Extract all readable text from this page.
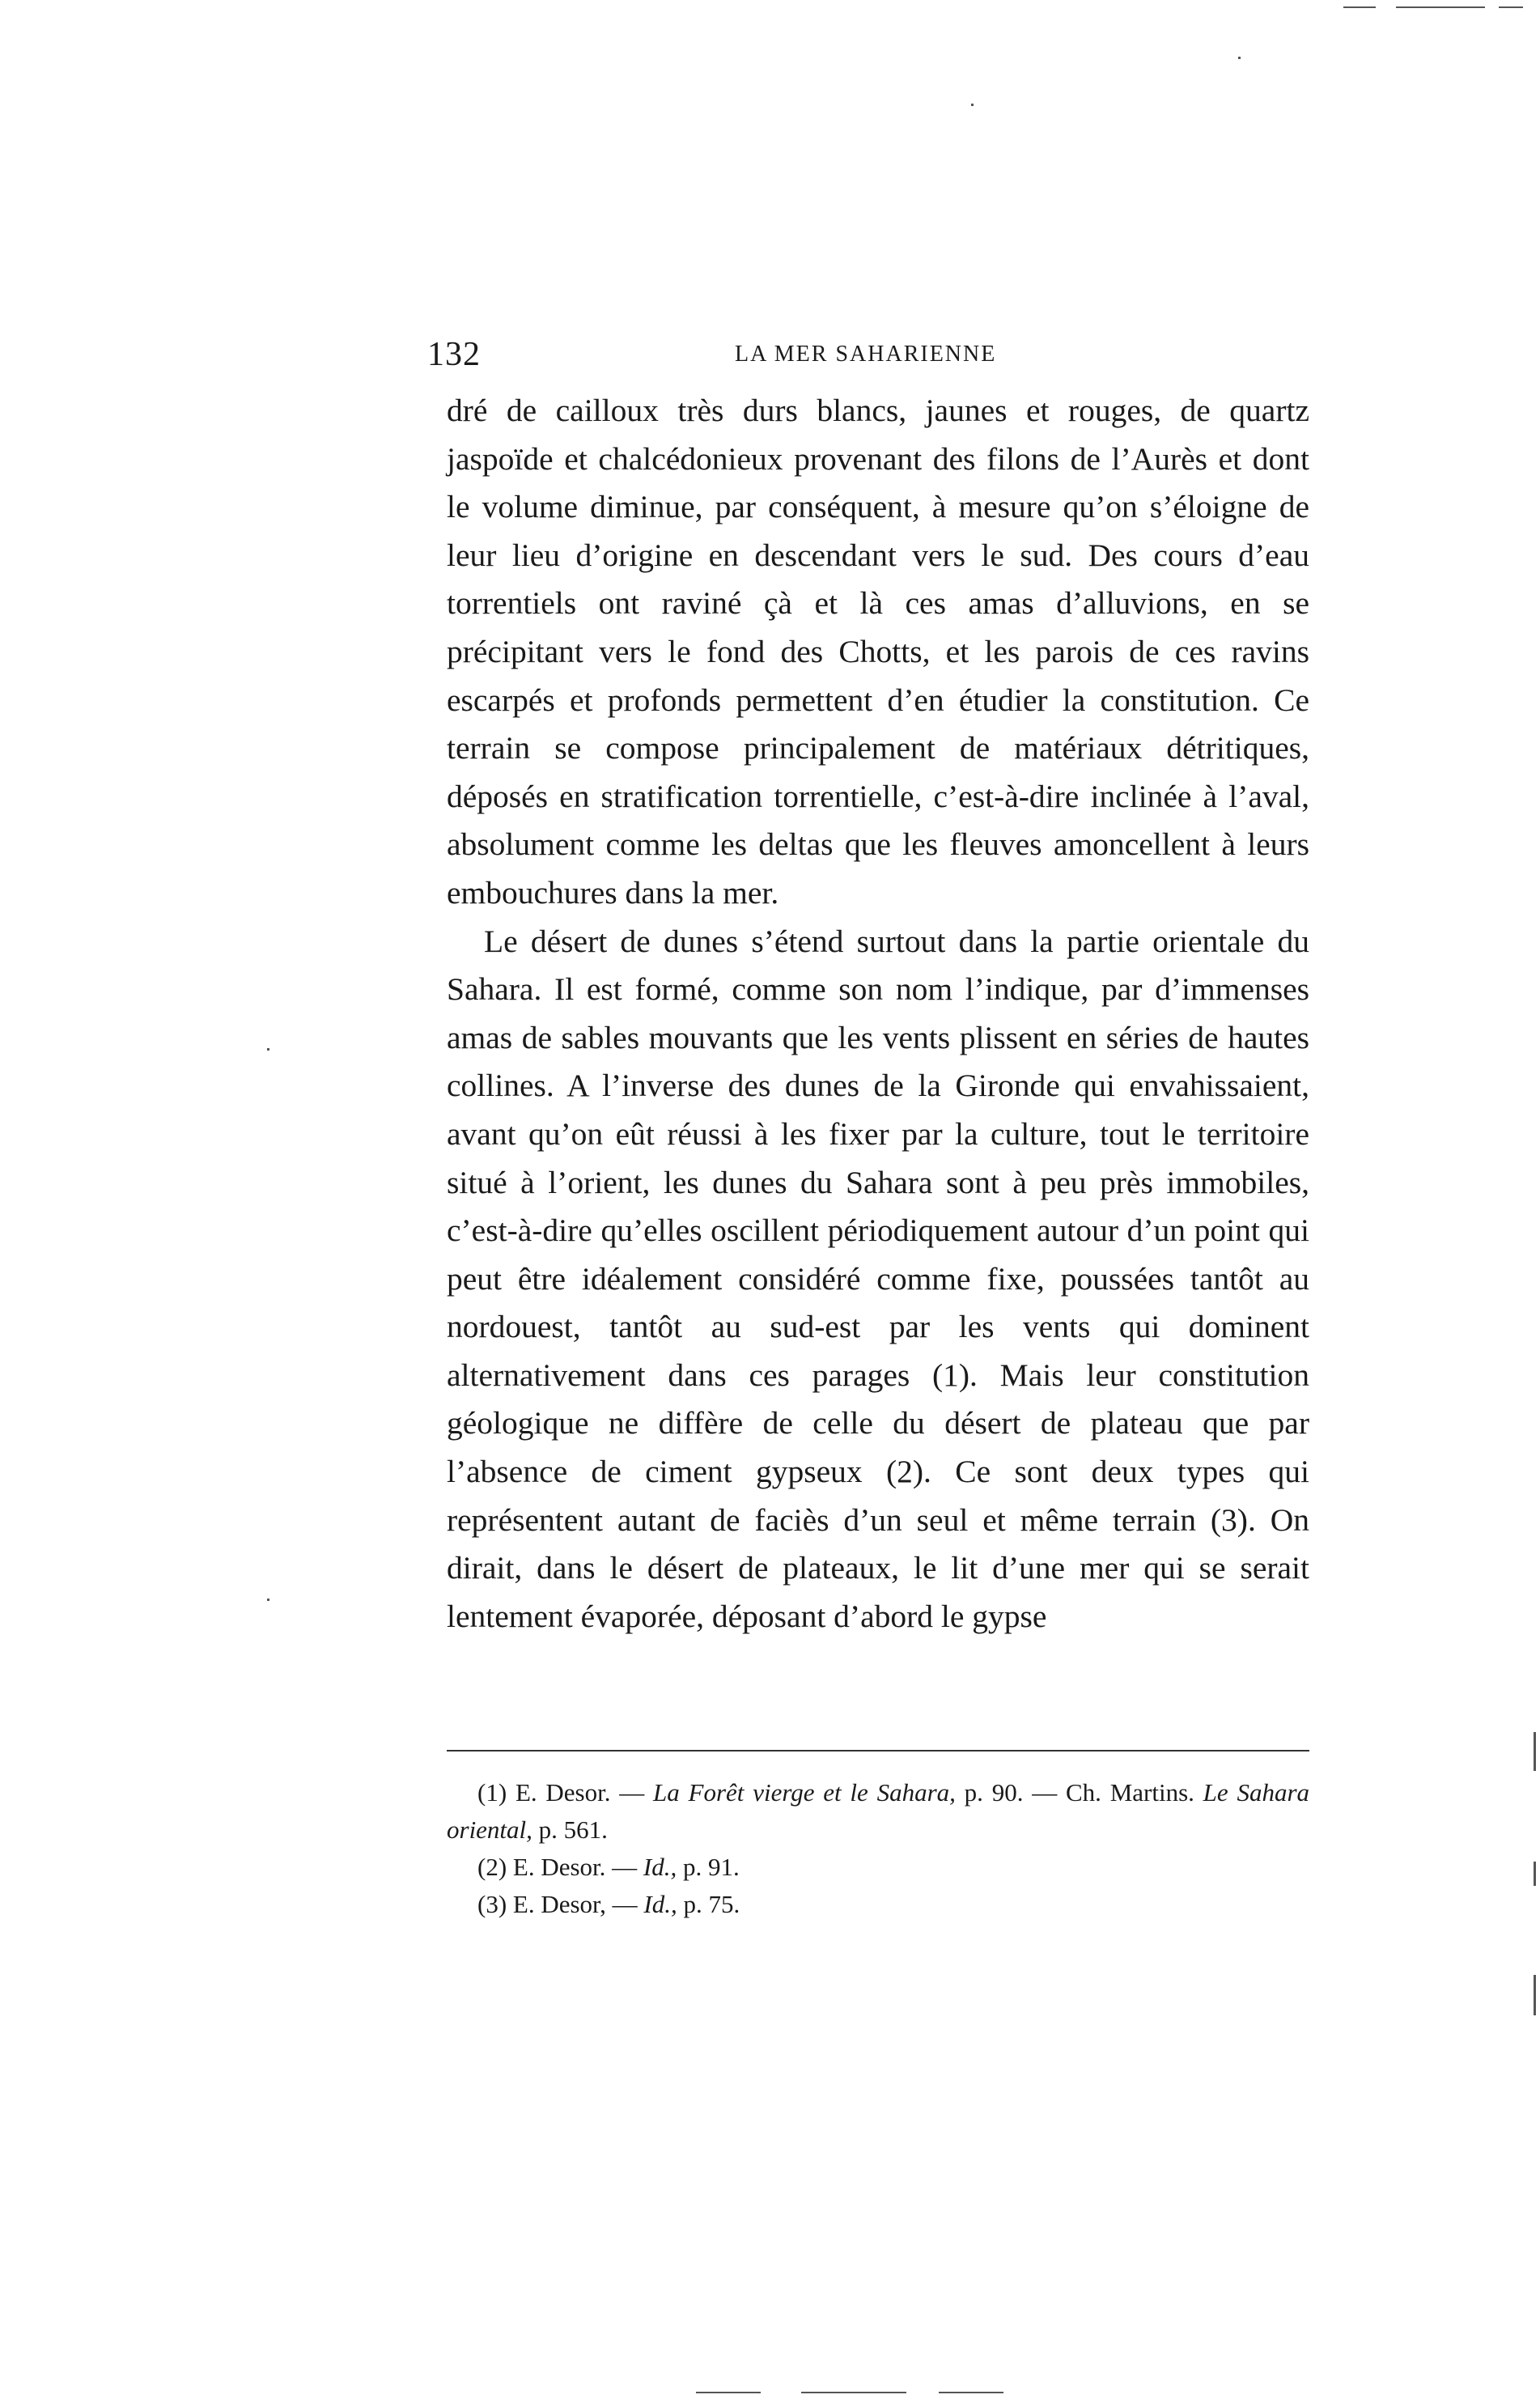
132	LA MER SAHARIENNE

dré de cailloux très durs blancs, jaunes et rouges, de quartz jaspoïde et chalcédonieux provenant des filons de l’Aurès et dont le volume diminue, par conséquent, à mesure qu’on s’éloigne de leur lieu d’origine en descendant vers le sud. Des cours d’eau torrentiels ont raviné çà et là ces amas d’alluvions, en se précipitant vers le fond des Chotts, et les parois de ces ravins escarpés et profonds permettent d’en étudier la constitution. Ce terrain se compose principalement de matériaux détritiques, déposés en stratification torrentielle, c’est-à-dire inclinée à l’aval, absolument comme les deltas que les fleuves amoncellent à leurs embouchures dans la mer.

Le désert de dunes s’étend surtout dans la partie orientale du Sahara. Il est formé, comme son nom l’indique, par d’immenses amas de sables mouvants que les vents plissent en séries de hautes collines. A l’inverse des dunes de la Gironde qui envahissaient, avant qu’on eût réussi à les fixer par la culture, tout le territoire situé à l’orient, les dunes du Sahara sont à peu près immobiles, c’est-à-dire qu’elles oscillent périodiquement autour d’un point qui peut être idéalement considéré comme fixe, poussées tantôt au nordouest, tantôt au sud-est par les vents qui dominent alternativement dans ces parages (1). Mais leur constitution géologique ne diffère de celle du désert de plateau que par l’absence de ciment gypseux (2). Ce sont deux types qui représentent autant de faciès d’un seul et même terrain (3). On dirait, dans le désert de plateaux, le lit d’une mer qui se serait lentement évaporée, déposant d’abord le gypse

(1) E. Desor. — La Forêt vierge et le Sahara, p. 90. — Ch. Martins. Le Sahara oriental, p. 561.

(2) E. Desor. — Id., p. 91.

(3) E. Desor, — Id., p. 75.
